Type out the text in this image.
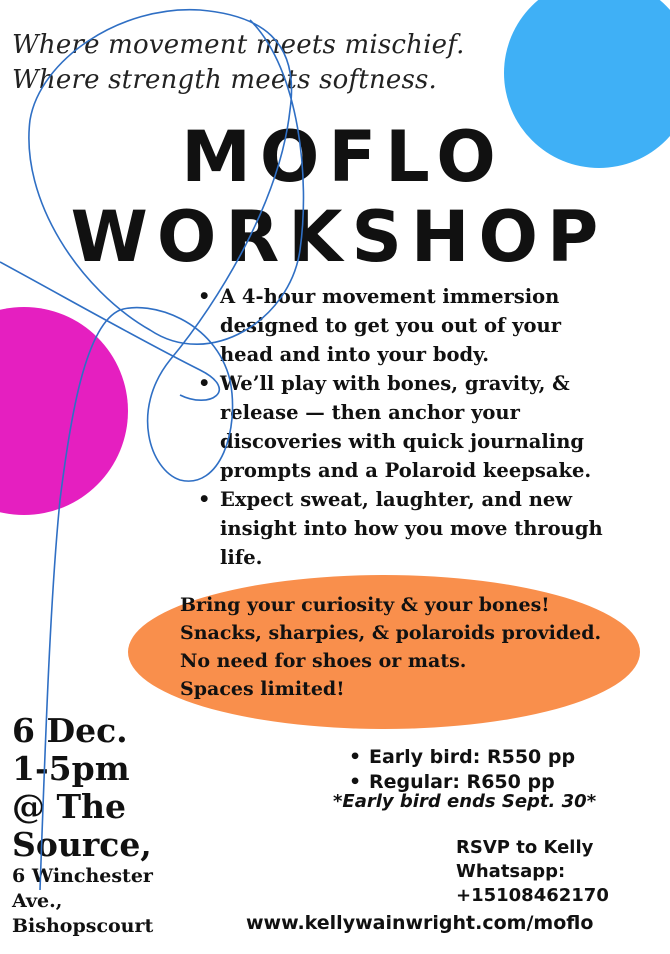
Where movement meets mischief.
Where strength meets softness.
MOFLO
WORKSHOP
• A 4-hour movement immersion designed to get you out of your head and into your body.
• We’ll play with bones, gravity, & release — then anchor your discoveries with quick journaling prompts and a Polaroid keepsake.
• Expect sweat, laughter, and new insight into how you move through life.
Bring your curiosity & your bones!
Snacks, sharpies, & polaroids provided.
No need for shoes or mats.
Spaces limited!
6 Dec.
1-5pm
@ The
Source,
6 Winchester
Ave.,
Bishopscourt
• Early bird: R550 pp
• Regular: R650 pp
*Early bird ends Sept. 30*
RSVP to Kelly
Whatsapp:
+15108462170
www.kellywainwright.com/moflo
